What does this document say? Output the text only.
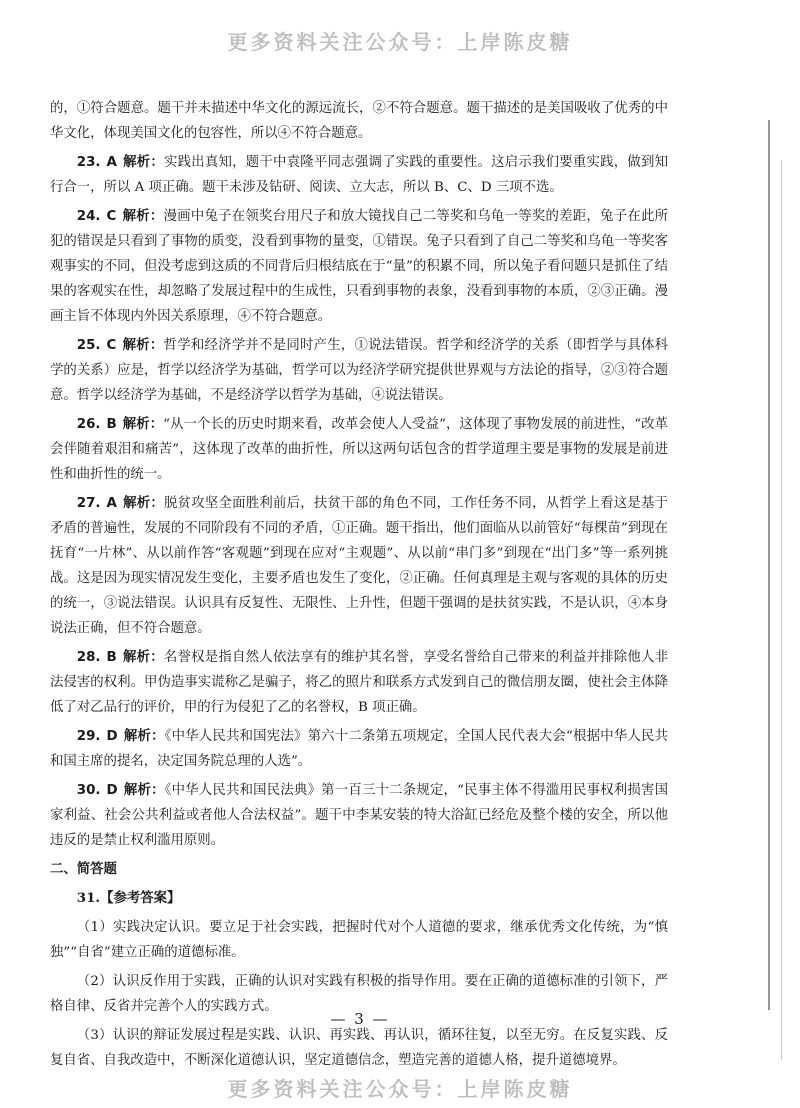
更多资料关注公众号：上岸陈皮糖

的，①符合题意。题干并未描述中华文化的源远流长，②不符合题意。题干描述的是美国吸收了优秀的中华文化，体现美国文化的包容性，所以④不符合题意。

23. A 解析：实践出真知，题干中袁隆平同志强调了实践的重要性。这启示我们要重实践，做到知行合一，所以 A 项正确。题干未涉及钻研、阅读、立大志，所以 B、C、D 三项不选。

24. C 解析：漫画中兔子在领奖台用尺子和放大镜找自己二等奖和乌龟一等奖的差距，兔子在此所犯的错误是只看到了事物的质变，没看到事物的量变，①错误。兔子只看到了自己二等奖和乌龟一等奖客观事实的不同，但没考虑到这质的不同背后归根结底在于“量”的积累不同，所以兔子看问题只是抓住了结果的客观实在性，却忽略了发展过程中的生成性，只看到事物的表象，没看到事物的本质，②③正确。漫画主旨不体现内外因关系原理，④不符合题意。

25. C 解析：哲学和经济学并不是同时产生，①说法错误。哲学和经济学的关系（即哲学与具体科学的关系）应是，哲学以经济学为基础，哲学可以为经济学研究提供世界观与方法论的指导，②③符合题意。哲学以经济学为基础，不是经济学以哲学为基础，④说法错误。

26. B 解析：“从一个长的历史时期来看，改革会使人人受益”，这体现了事物发展的前进性，“改革会伴随着艰泪和痛苦”，这体现了改革的曲折性，所以这两句话包含的哲学道理主要是事物的发展是前进性和曲折性的统一。

27. A 解析：脱贫攻坚全面胜利前后，扶贫干部的角色不同，工作任务不同，从哲学上看这是基于矛盾的普遍性，发展的不同阶段有不同的矛盾，①正确。题干指出，他们面临从以前管好“每棵苗”到现在抚育“一片林”、从以前作答“客观题”到现在应对“主观题”、从以前“串门多”到现在“出门多”等一系列挑战。这是因为现实情况发生变化，主要矛盾也发生了变化，②正确。任何真理是主观与客观的具体的历史的统一，③说法错误。认识具有反复性、无限性、上升性，但题干强调的是扶贫实践，不是认识，④本身说法正确，但不符合题意。

28. B 解析：名誉权是指自然人依法享有的维护其名誉，享受名誉给自己带来的利益并排除他人非法侵害的权利。甲伪造事实谎称乙是骗子，将乙的照片和联系方式发到自己的微信朋友圈，使社会主体降低了对乙品行的评价，甲的行为侵犯了乙的名誉权，B 项正确。

29. D 解析：《中华人民共和国宪法》第六十二条第五项规定，全国人民代表大会“根据中华人民共和国主席的提名，决定国务院总理的人选”。

30. D 解析：《中华人民共和国民法典》第一百三十二条规定，“民事主体不得滥用民事权利损害国家利益、社会公共利益或者他人合法权益”。题干中李某安装的特大浴缸已经危及整个楼的安全，所以他违反的是禁止权利滥用原则。

二、简答题

31.【参考答案】

（1）实践决定认识。要立足于社会实践，把握时代对个人道德的要求，继承优秀文化传统，为“慎独”“自省”建立正确的道德标准。

（2）认识反作用于实践，正确的认识对实践有积极的指导作用。要在正确的道德标准的引领下，严格自律、反省并完善个人的实践方式。

（3）认识的辩证发展过程是实践、认识、再实践、再认识，循环往复，以至无穷。在反复实践、反复自省、自我改造中，不断深化道德认识，坚定道德信念，塑造完善的道德人格，提升道德境界。

— 3 —
更多资料关注公众号：上岸陈皮糖
